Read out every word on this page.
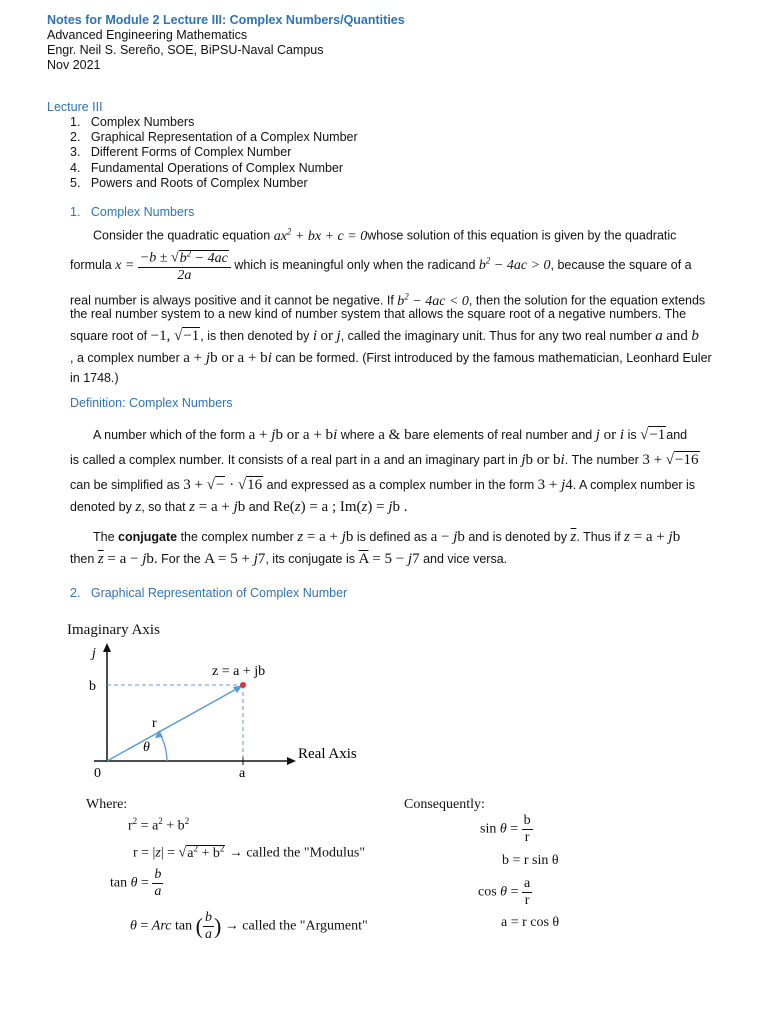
Notes for Module 2 Lecture III: Complex Numbers/Quantities
Advanced Engineering Mathematics
Engr. Neil S. Sereño, SOE, BiPSU-Naval Campus
Nov 2021
Lecture III
1.   Complex Numbers
2.   Graphical Representation of a Complex Number
3.   Different Forms of Complex Number
4.   Fundamental Operations of Complex Number
5.   Powers and Roots of Complex Number
1.   Complex Numbers
Consider the quadratic equation $ax^2$ + bx + c = 0whose solution of this equation is given by the quadratic
formula $x = \frac{-b \pm √b^2 - 4ac}{2a}$ which is meaningful only when the radicand $b^2 - 4ac > 0$, because the square of a
real number is always positive and it cannot be negative. If $b^2 - 4ac < 0$, then the solution for the equation extends
the real number system to a new kind of number system that allows the square root of a negative numbers. The
square root of −1, √−1, is then denoted by i or j, called the imaginary unit. Thus for any two real number a and b
, a complex number a + jb or a + bi can be formed. (First introduced by the famous mathematician, Leonhard Euler
in 1748.)
Definition: Complex Numbers
A number which of the form a + jb or a + bi where a & bare elements of real number and j or i is √−1and
is called a complex number. It consists of a real part in a and an imaginary part in jb or bi. The number 3 + √−16
can be simplified as 3 + √− · √16 and expressed as a complex number in the form 3 + j4. A complex number is
denoted by z, so that z = a + jb and Re(z) = a ; Im(z) = jb .
The conjugate the complex number z = a + jb is defined as a − jb and is denoted by $\overline{z}$. Thus if z = a + jb
then $\overline{z} = a$ − jb. For the A = 5 + j7, its conjugate is $\overline{A} = 5 - j7$ and vice versa.
2.   Graphical Representation of Complex Number
Imaginary Axis
j
b
0	a
r
θ
z = a + jb
Real Axis
Where:
$r^2 = a^2 + b^2$
$r = |z| = √a^2 + b^2$ → called the "Modulus"
$\tan \theta = \frac{b}{a}$
θ = Arc tan ( $\frac{b}{a}$ ) → called the "Argument"
Consequently:
$\sin \theta = \frac{b}{r}$
b = r sin θ
$\cos \theta = \frac{a}{r}$
a = r cos θ
